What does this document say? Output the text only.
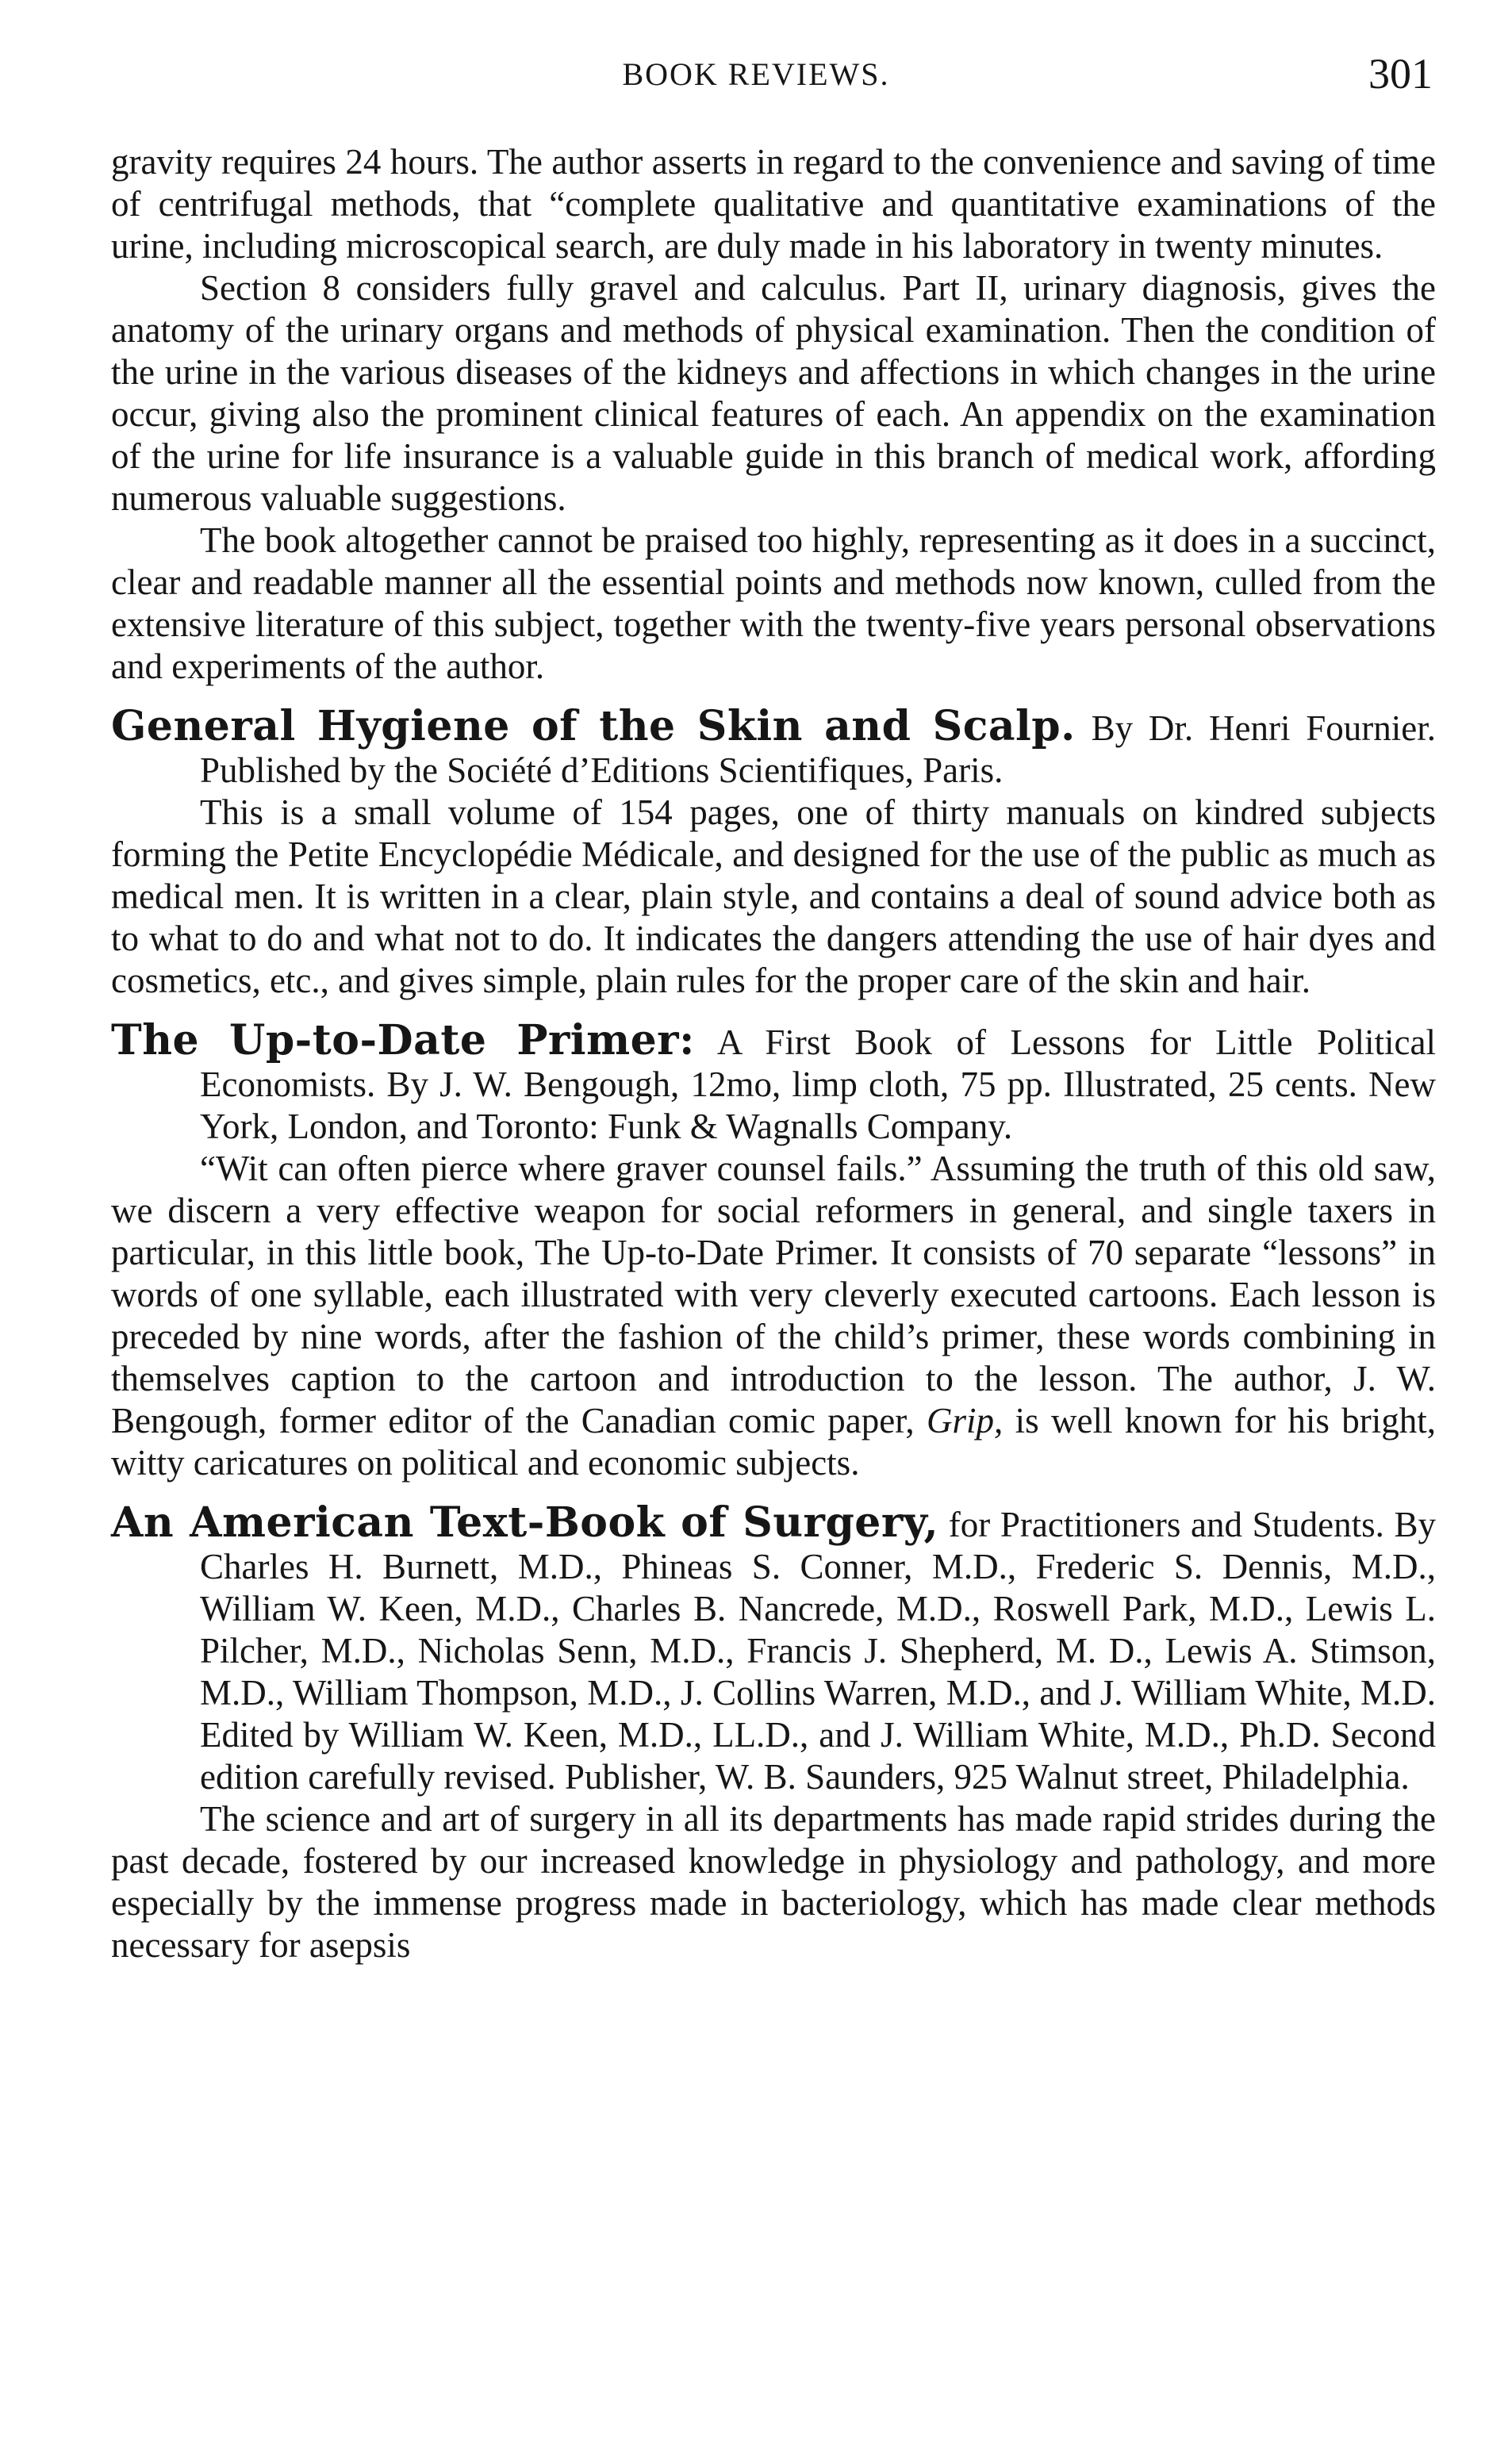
BOOK REVIEWS.	301

gravity requires 24 hours. The author asserts in regard to the convenience and saving of time of centrifugal methods, that “complete qualitative and quantitative examinations of the urine, including microscopical search, are duly made in his laboratory in twenty minutes.

Section 8 considers fully gravel and calculus. Part II, urinary diagnosis, gives the anatomy of the urinary organs and methods of physical examination. Then the condition of the urine in the various diseases of the kidneys and affections in which changes in the urine occur, giving also the prominent clinical features of each. An appendix on the examination of the urine for life insurance is a valuable guide in this branch of medical work, affording numerous valuable suggestions.

The book altogether cannot be praised too highly, representing as it does in a succinct, clear and readable manner all the essential points and methods now known, culled from the extensive literature of this subject, together with the twenty-five years personal observations and experiments of the author.

General Hygiene of the Skin and Scalp. By Dr. Henri Fournier. Published by the Société d’Editions Scientifiques, Paris.

This is a small volume of 154 pages, one of thirty manuals on kindred subjects forming the Petite Encyclopédie Médicale, and designed for the use of the public as much as medical men. It is written in a clear, plain style, and contains a deal of sound advice both as to what to do and what not to do. It indicates the dangers attending the use of hair dyes and cosmetics, etc., and gives simple, plain rules for the proper care of the skin and hair.

The Up-to-Date Primer: A First Book of Lessons for Little Political Economists. By J. W. Bengough, 12mo, limp cloth, 75 pp. Illustrated, 25 cents. New York, London, and Toronto: Funk & Wagnalls Company.

“Wit can often pierce where graver counsel fails.” Assuming the truth of this old saw, we discern a very effective weapon for social reformers in general, and single taxers in particular, in this little book, The Up-to-Date Primer. It consists of 70 separate “lessons” in words of one syllable, each illustrated with very cleverly executed cartoons. Each lesson is preceded by nine words, after the fashion of the child’s primer, these words combining in themselves caption to the cartoon and introduction to the lesson. The author, J. W. Bengough, former editor of the Canadian comic paper, Grip, is well known for his bright, witty caricatures on political and economic subjects.

An American Text-Book of Surgery, for Practitioners and Students. By Charles H. Burnett, M.D., Phineas S. Conner, M.D., Frederic S. Dennis, M.D., William W. Keen, M.D., Charles B. Nancrede, M.D., Roswell Park, M.D., Lewis L. Pilcher, M.D., Nicholas Senn, M.D., Francis J. Shepherd, M. D., Lewis A. Stimson, M.D., William Thompson, M.D., J. Collins Warren, M.D., and J. William White, M.D. Edited by William W. Keen, M.D., LL.D., and J. William White, M.D., Ph.D. Second edition carefully revised. Publisher, W. B. Saunders, 925 Walnut street, Philadelphia.

The science and art of surgery in all its departments has made rapid strides during the past decade, fostered by our increased knowledge in physiology and pathology, and more especially by the immense progress made in bacteriology, which has made clear methods necessary for asepsis
